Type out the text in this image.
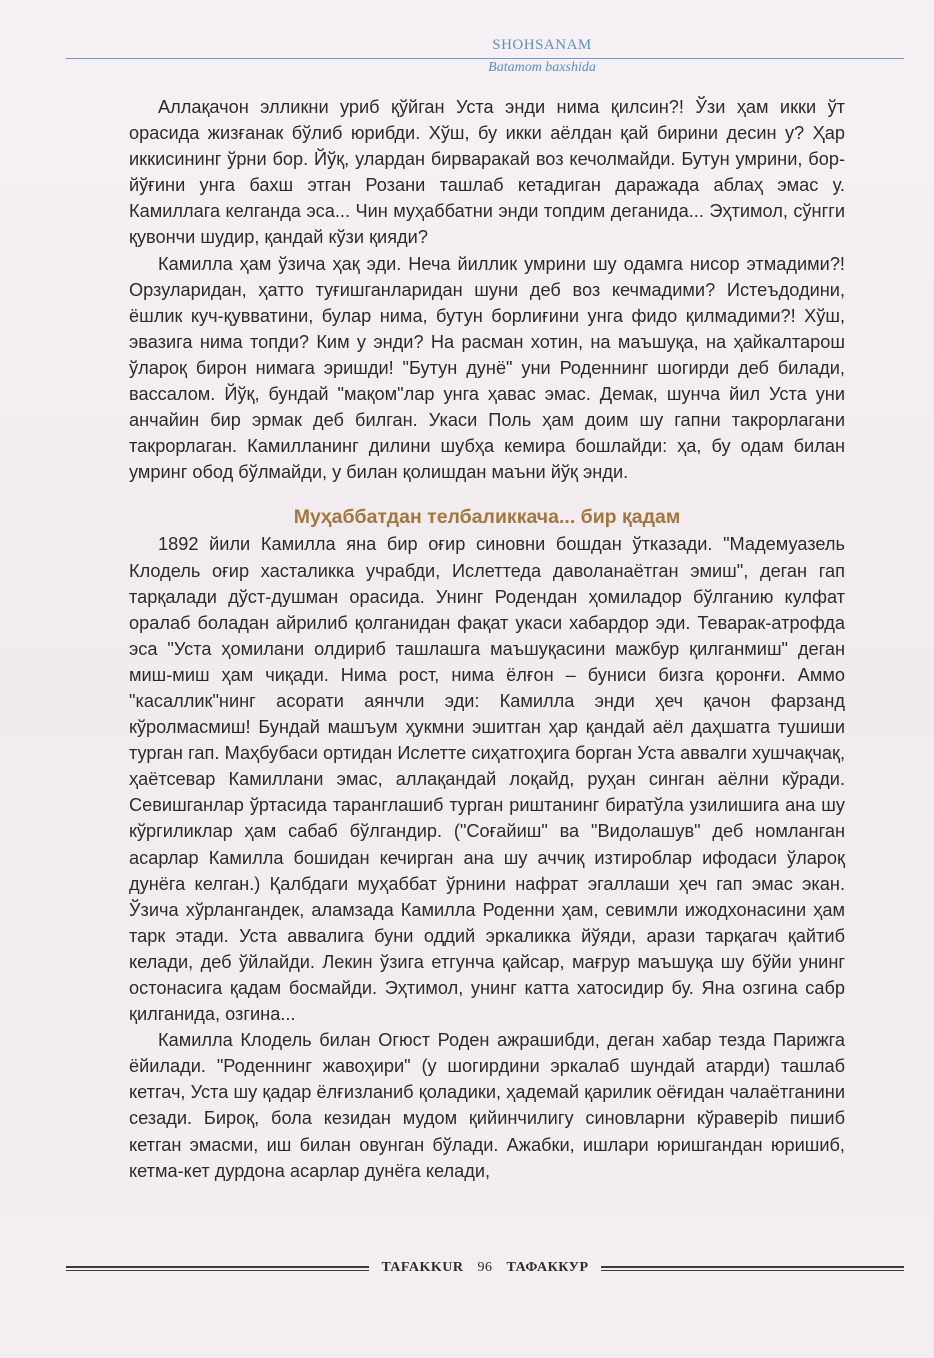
SHOHSANAM
Batamom baxshida

Аллақачон элликни уриб қўйган Уста энди нима қилсин?! Ўзи ҳам икки ўт орасида жизғанак бўлиб юрибди. Хўш, бу икки аёлдан қай бирини десин у? Ҳар иккисининг ўрни бор. Йўқ, улардан бирваракай воз кечолмайди. Бутун умрини, бор-йўғини унга бахш этган Розани ташлаб кетадиган даражада аблаҳ эмас у. Камиллага келганда эса... Чин муҳаббатни энди топдим деганида... Эҳтимол, сўнгги қувончи шудир, қандай кўзи қияди?

Камилла ҳам ўзича ҳақ эди. Неча йиллик умрини шу одамга нисор этмадими?! Орзуларидан, ҳатто туғишганларидан шуни деб воз кечмадими? Истеъдодини, ёшлик куч-қувватини, булар нима, бутун борлиғини унга фидо қилмадими?! Хўш, эвазига нима топди? Ким у энди? На расман хотин, на маъшуқа, на ҳайкалтарош ўлароқ бирон нимага эришди! "Бутун дунё" уни Роденнинг шогирди деб билади, вассалом. Йўқ, бундай "мақом"лар унга ҳавас эмас. Демак, шунча йил Уста уни анчайин бир эрмак деб билган. Укаси Поль ҳам доим шу гапни такрорлагани такрорлаган. Камилланинг дилини шубҳа кемира бошлайди: ҳа, бу одам билан умринг обод бўлмайди, у билан қолишдан маъни йўқ энди.

Муҳаббатдан телбаликкача... бир қадам

1892 йили Камилла яна бир оғир синовни бошдан ўтказади. "Мадемуазель Клодель оғир хасталикка учрабди, Ислеттеда даволанаётган эмиш", деган гап тарқалади дўст-душман орасида. Унинг Родендан ҳомиладор бўлганию кулфат оралаб боладан айрилиб қолганидан фақат укаси хабардор эди. Теварак-атрофда эса "Уста ҳомилани олдириб ташлашга маъшуқасини мажбур қилганмиш" деган миш-миш ҳам чиқади. Нима рост, нима ёлғон – буниси бизга қоронғи. Аммо "касаллик"нинг асорати аянчли эди: Камилла энди ҳеч қачон фарзанд кўролмасмиш! Бундай машъум ҳукмни эшитган ҳар қандай аёл даҳшатга тушиши турган гап. Маҳбубаси ортидан Ислетте сиҳатгоҳига борган Уста аввалги хушчақчақ, ҳаётсевар Камиллани эмас, аллақандай лоқайд, руҳан синган аёлни кўради. Севишганлар ўртасида таранглашиб турган риштанинг биратўла узилишига ана шу кўргиликлар ҳам сабаб бўлгандир. ("Соғайиш" ва "Видолашув" деб номланган асарлар Камилла бошидан кечирган ана шу аччиқ изтироблар ифодаси ўлароқ дунёга келган.) Қалбдаги муҳаббат ўрнини нафрат эгаллаши ҳеч гап эмас экан. Ўзича хўрлангандек, аламзада Камилла Роденни ҳам, севимли ижодхонасини ҳам тарк этади. Уста аввалига буни оддий эркаликка йўяди, арази тарқагач қайтиб келади, деб ўйлайди. Лекин ўзига етгунча қайсар, мағрур маъшуқа шу бўйи унинг остонасига қадам босмайди. Эҳтимол, унинг катта хатосидир бу. Яна озгина сабр қилганида, озгина...

Камилла Клодель билан Огюст Роден ажрашибди, деган хабар тезда Парижга ёйилади. "Роденнинг жавоҳири" (у шогирдини эркалаб шундай атарди) ташлаб кетгач, Уста шу қадар ёлғизланиб қоладики, ҳадемай қарилик оёғидан чалаётганини сезади. Бироқ, бола кезидан мудом қийинчилигу синовларни кўраверib пишиб кетган эмасми, иш билан овунган бўлади. Ажабки, ишлари юришгандан юришиб, кетма-кет дурдона асарлар дунёга келади,

TAFAKKUR 96 ТАФАККУР
